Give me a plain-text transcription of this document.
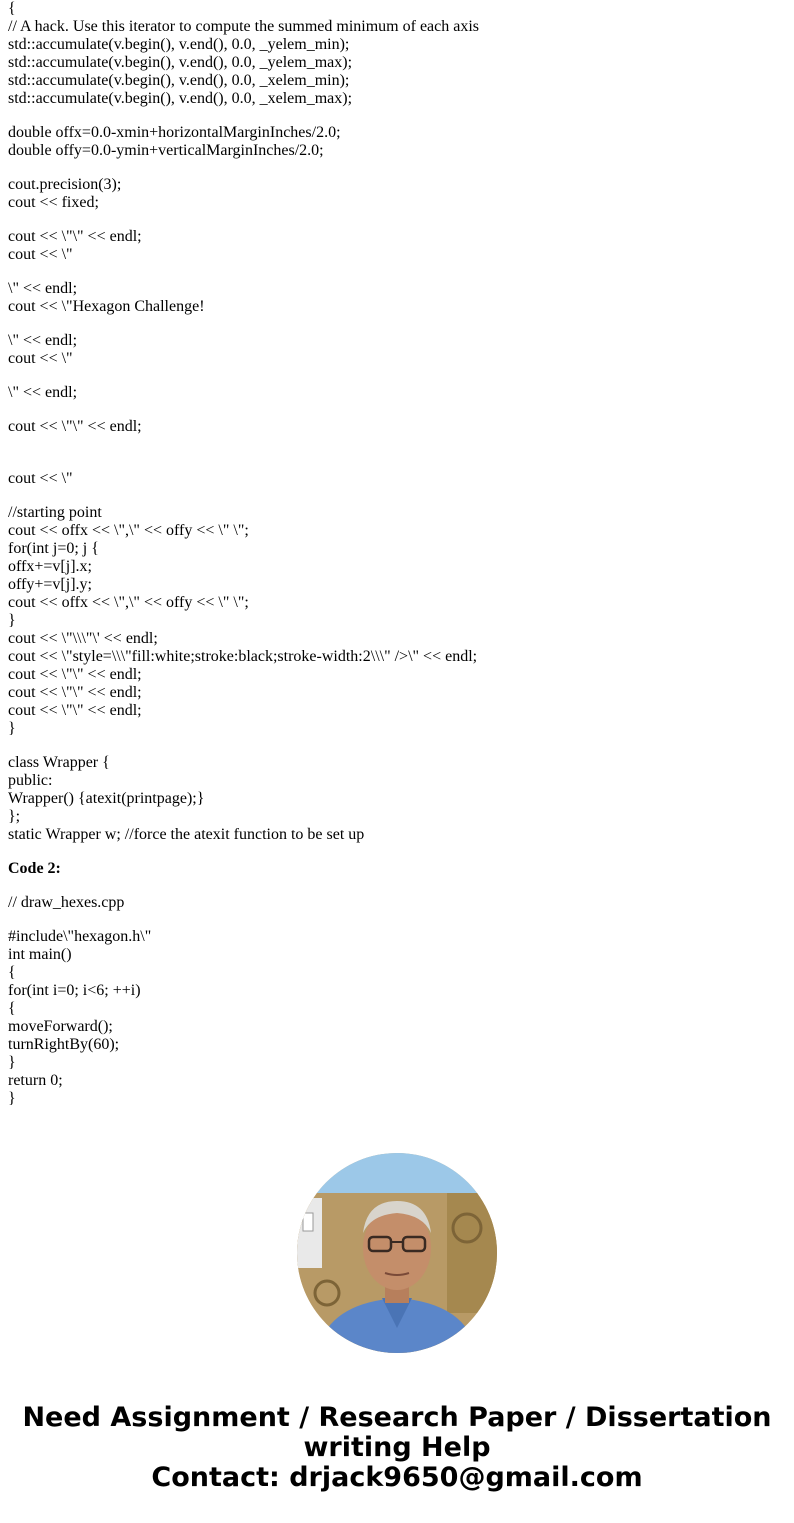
{
// A hack. Use this iterator to compute the summed minimum of each axis
std::accumulate(v.begin(), v.end(), 0.0, _yelem_min);
std::accumulate(v.begin(), v.end(), 0.0, _yelem_max);
std::accumulate(v.begin(), v.end(), 0.0, _xelem_min);
std::accumulate(v.begin(), v.end(), 0.0, _xelem_max);
double offx=0.0-xmin+horizontalMarginInches/2.0;
double offy=0.0-ymin+verticalMarginInches/2.0;
cout.precision(3);
cout << fixed;
cout << \"\" << endl;
cout << \"
\" << endl;
cout << \"Hexagon Challenge!
\" << endl;
cout << \"
\" << endl;
cout << \"\" << endl;
cout << \"
//starting point
cout << offx << \",\" << offy << \" \";
for(int j=0; j {
offx+=v[j].x;
offy+=v[j].y;
cout << offx << \",\" << offy << \" \";
}
cout << \"\\\"\' << endl;
cout << \"style=\\\"fill:white;stroke:black;stroke-width:2\\\" />\" << endl;
cout << \"\" << endl;
cout << \"\" << endl;
cout << \"\" << endl;
}
class Wrapper {
public:
Wrapper() {atexit(printpage);}
};
static Wrapper w; //force the atexit function to be set up
Code 2:
// draw_hexes.cpp
#include\"hexagon.h\"
int main()
{
for(int i=0; i<6; ++i)
{
moveForward();
turnRightBy(60);
}
return 0;
}
Need Assignment / Research Paper / Dissertation
writing Help
Contact: drjack9650@gmail.com
